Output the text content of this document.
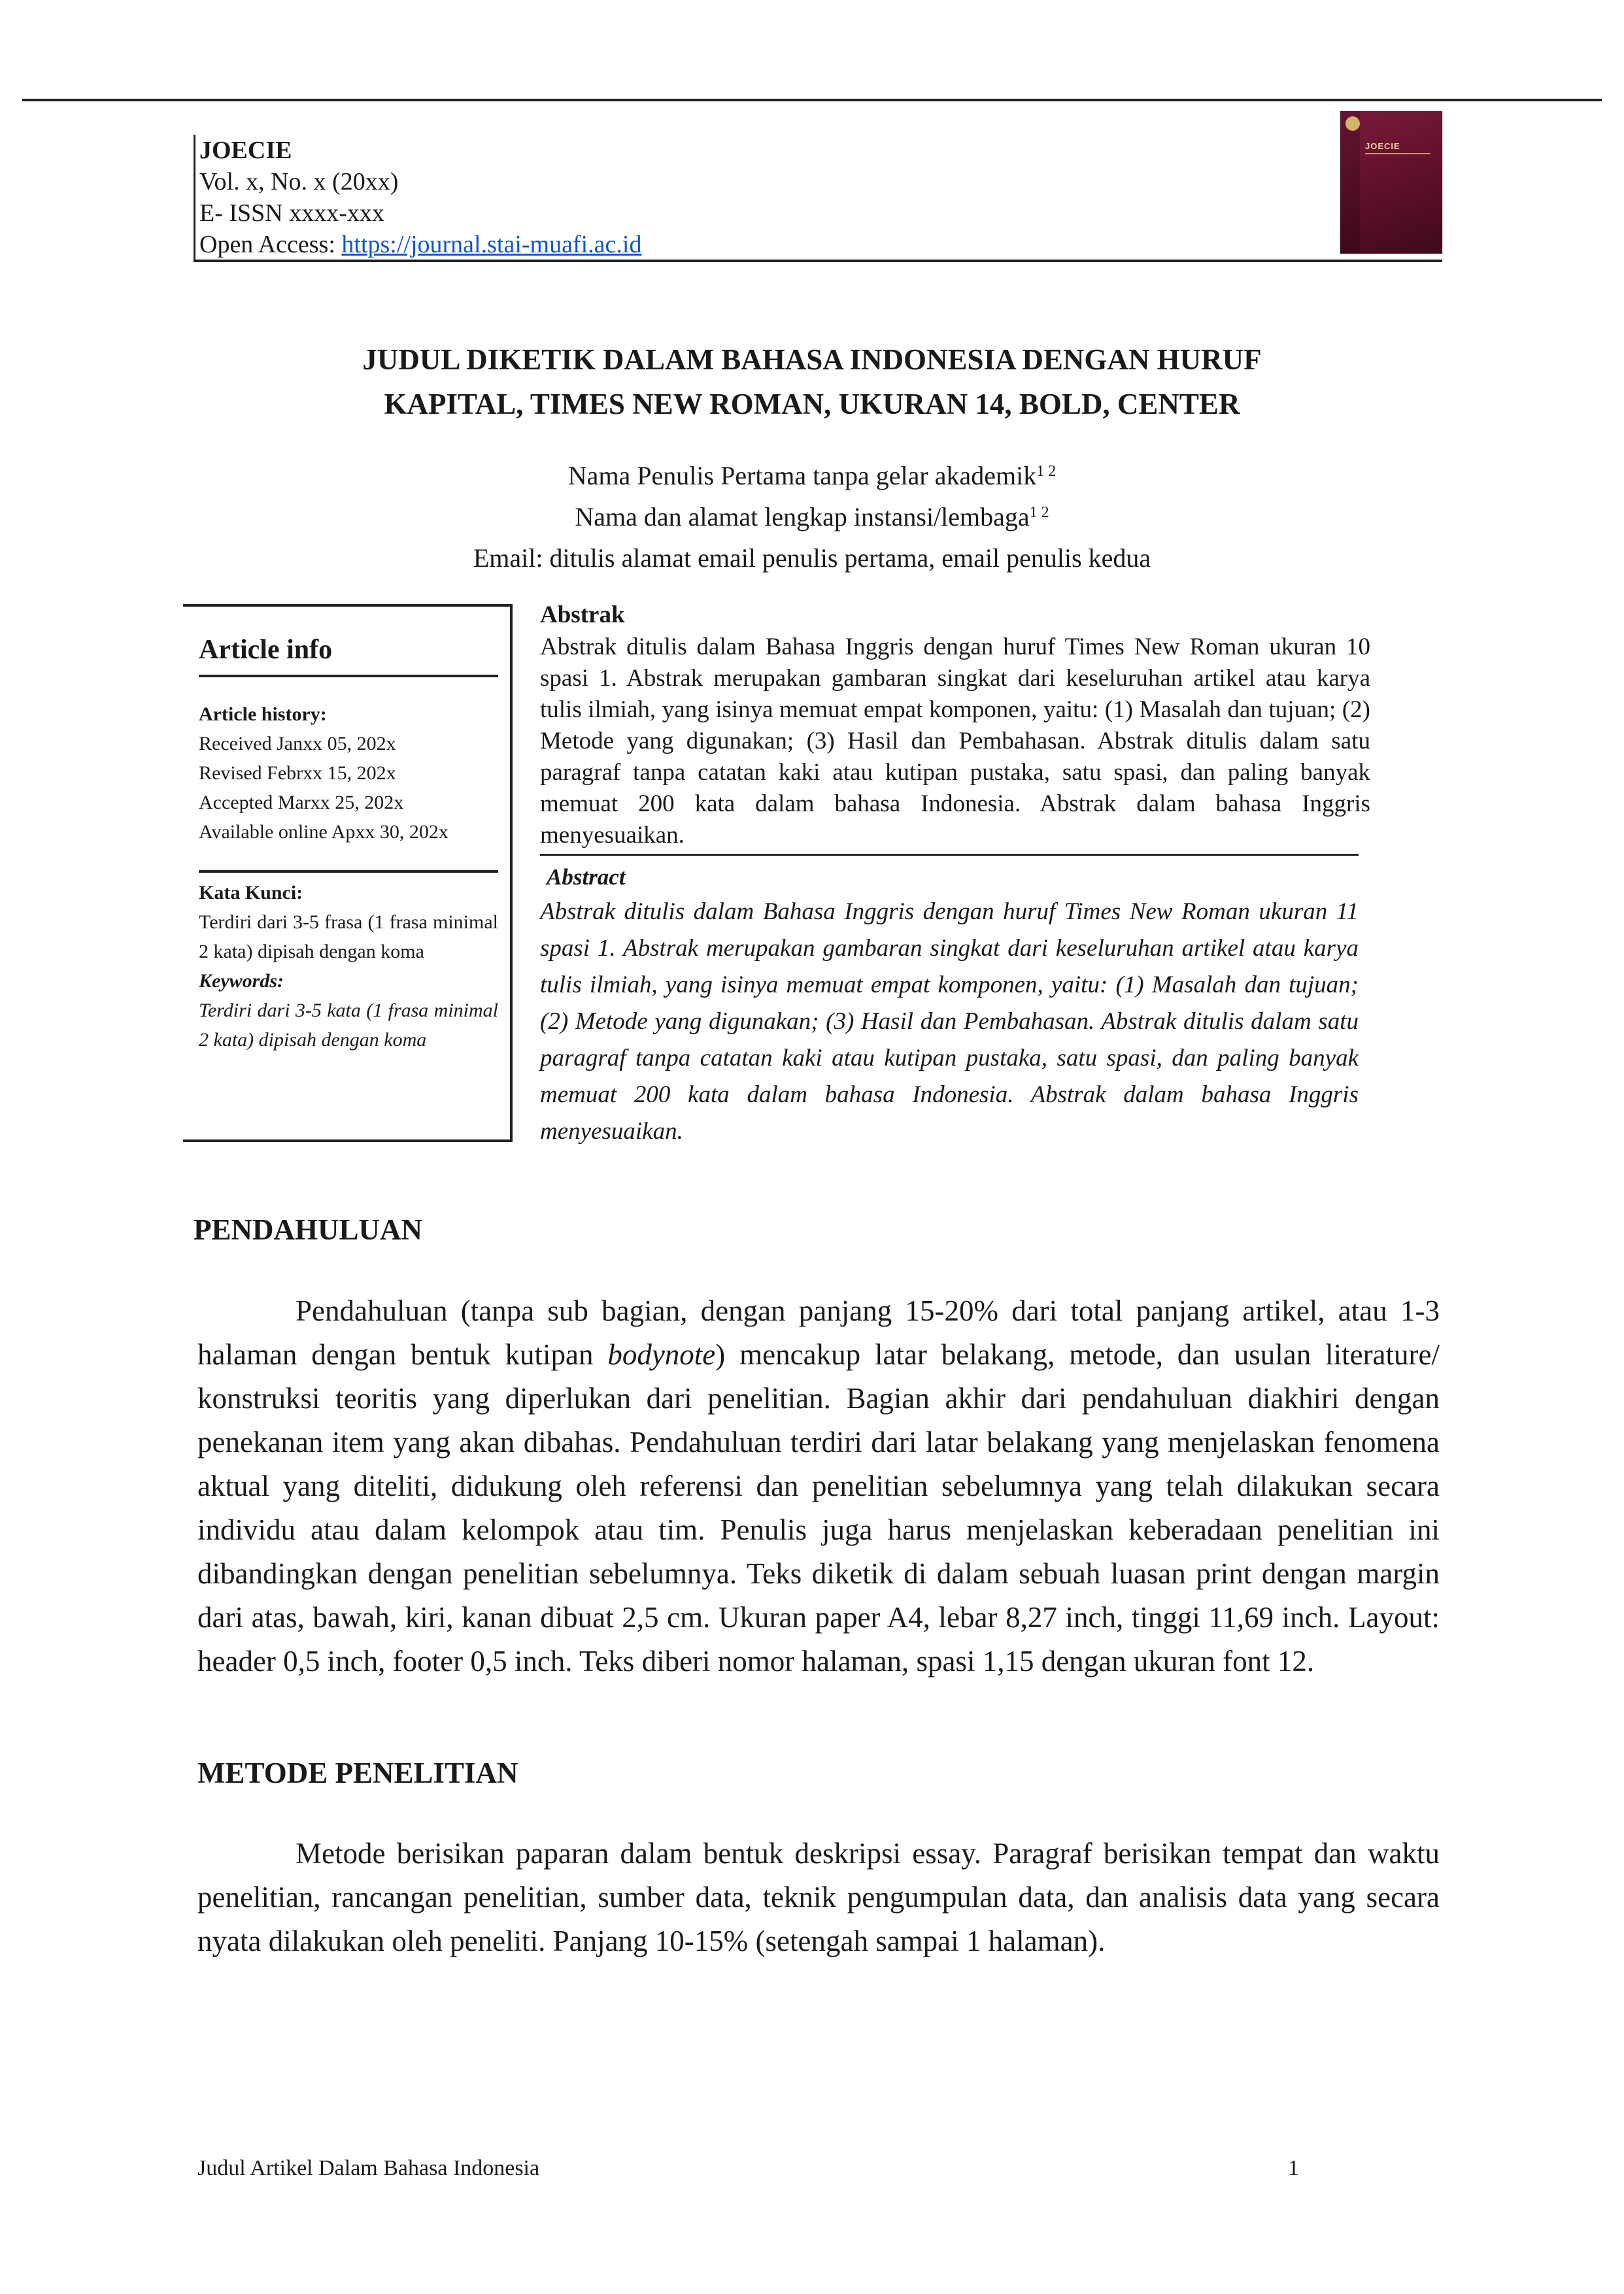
JOECIE
Vol. x, No. x (20xx)
E- ISSN xxxx-xxx
Open Access: https://journal.stai-muafi.ac.id
JOECIE
JUDUL DIKETIK DALAM BAHASA INDONESIA DENGAN HURUF
KAPITAL, TIMES NEW ROMAN, UKURAN 14, BOLD, CENTER
Nama Penulis Pertama tanpa gelar akademik$^{1 2}$
Nama dan alamat lengkap instansi/lembaga$^{1 2}$
Email: ditulis alamat email penulis pertama, email penulis kedua
Article info
Article history:
Received Janxx 05, 202x
Revised Febrxx 15, 202x
Accepted Marxx 25, 202x
Available online Apxx 30, 202x
Kata Kunci:
Terdiri dari 3-5 frasa (1 frasa minimal 2 kata) dipisah dengan koma
Keywords:
Terdiri dari 3-5 kata (1 frasa minimal 2 kata) dipisah dengan koma
Abstrak
Abstrak ditulis dalam Bahasa Inggris dengan huruf Times New Roman ukuran 10 spasi 1. Abstrak merupakan gambaran singkat dari keseluruhan artikel atau karya tulis ilmiah, yang isinya memuat empat komponen, yaitu: (1) Masalah dan tujuan; (2) Metode yang digunakan; (3) Hasil dan Pembahasan. Abstrak ditulis dalam satu paragraf tanpa catatan kaki atau kutipan pustaka, satu spasi, dan paling banyak memuat 200 kata dalam bahasa Indonesia. Abstrak dalam bahasa Inggris menyesuaikan.
Abstract
Abstrak ditulis dalam Bahasa Inggris dengan huruf Times New Roman ukuran 11 spasi 1. Abstrak merupakan gambaran singkat dari keseluruhan artikel atau karya tulis ilmiah, yang isinya memuat empat komponen, yaitu: (1) Masalah dan tujuan; (2) Metode yang digunakan; (3) Hasil dan Pembahasan. Abstrak ditulis dalam satu paragraf tanpa catatan kaki atau kutipan pustaka, satu spasi, dan paling banyak memuat 200 kata dalam bahasa Indonesia. Abstrak dalam bahasa Inggris menyesuaikan.
PENDAHULUAN
Pendahuluan (tanpa sub bagian, dengan panjang 15-20% dari total panjang artikel, atau 1-3 halaman dengan bentuk kutipan bodynote) mencakup latar belakang, metode, dan usulan literature/ konstruksi teoritis yang diperlukan dari penelitian. Bagian akhir dari pendahuluan diakhiri dengan penekanan item yang akan dibahas. Pendahuluan terdiri dari latar belakang yang menjelaskan fenomena aktual yang diteliti, didukung oleh referensi dan penelitian sebelumnya yang telah dilakukan secara individu atau dalam kelompok atau tim. Penulis juga harus menjelaskan keberadaan penelitian ini dibandingkan dengan penelitian sebelumnya. Teks diketik di dalam sebuah luasan print dengan margin dari atas, bawah, kiri, kanan dibuat 2,5 cm. Ukuran paper A4, lebar 8,27 inch, tinggi 11,69 inch. Layout: header 0,5 inch, footer 0,5 inch. Teks diberi nomor halaman, spasi 1,15 dengan ukuran font 12.
METODE PENELITIAN
Metode berisikan paparan dalam bentuk deskripsi essay. Paragraf berisikan tempat dan waktu penelitian, rancangan penelitian, sumber data, teknik pengumpulan data, dan analisis data yang secara nyata dilakukan oleh peneliti. Panjang 10-15% (setengah sampai 1 halaman).
Judul Artikel Dalam Bahasa Indonesia	1
